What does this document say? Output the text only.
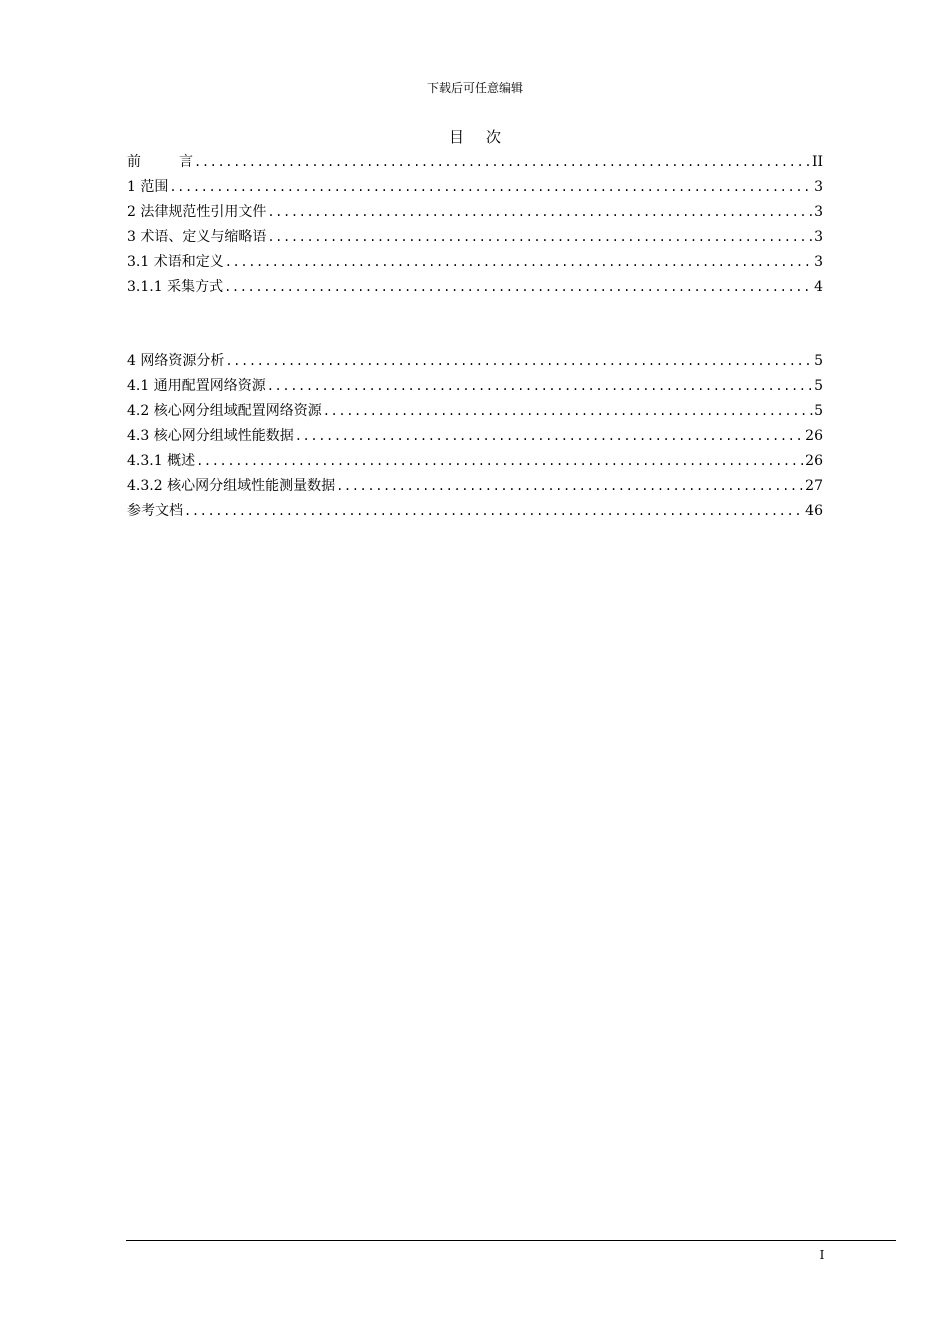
下载后可任意编辑
目 次
前	言 .....	II
1 范围 .....	3
2 法律规范性引用文件 .....	3
3 术语、定义与缩略语 .....	3
3.1 术语和定义 .....	3
3.1.1 采集方式 .....	4
4 网络资源分析 .....	5
4.1 通用配置网络资源 .....	5
4.2 核心网分组域配置网络资源 .....	5
4.3 核心网分组域性能数据 .....	26
4.3.1 概述 .....	26
4.3.2 核心网分组域性能测量数据 .....	27
参考文档 .....	46
I
